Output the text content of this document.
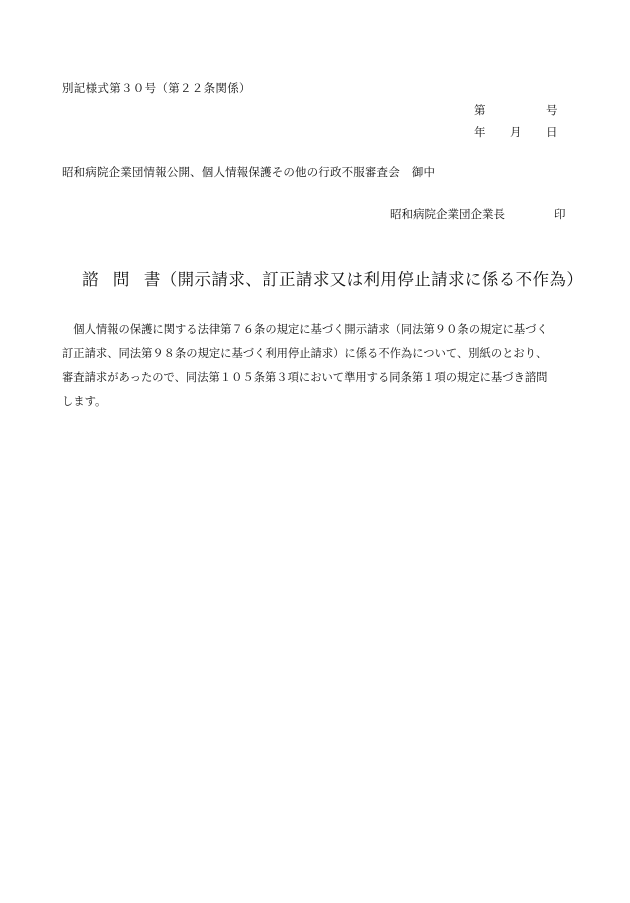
別記様式第３０号（第２２条関係）
第	号
年 月 日
昭和病院企業団情報公開、個人情報保護その他の行政不服審査会 御中
昭和病院企業団企業長	印
諮 問 書（開示請求、訂正請求又は利用停止請求に係る不作為）
　個人情報の保護に関する法律第７６条の規定に基づく開示請求（同法第９０条の規定に基づく
訂正請求、同法第９８条の規定に基づく利用停止請求）に係る不作為について、別紙のとおり、
審査請求があったので、同法第１０５条第３項において準用する同条第１項の規定に基づき諮問
します。
